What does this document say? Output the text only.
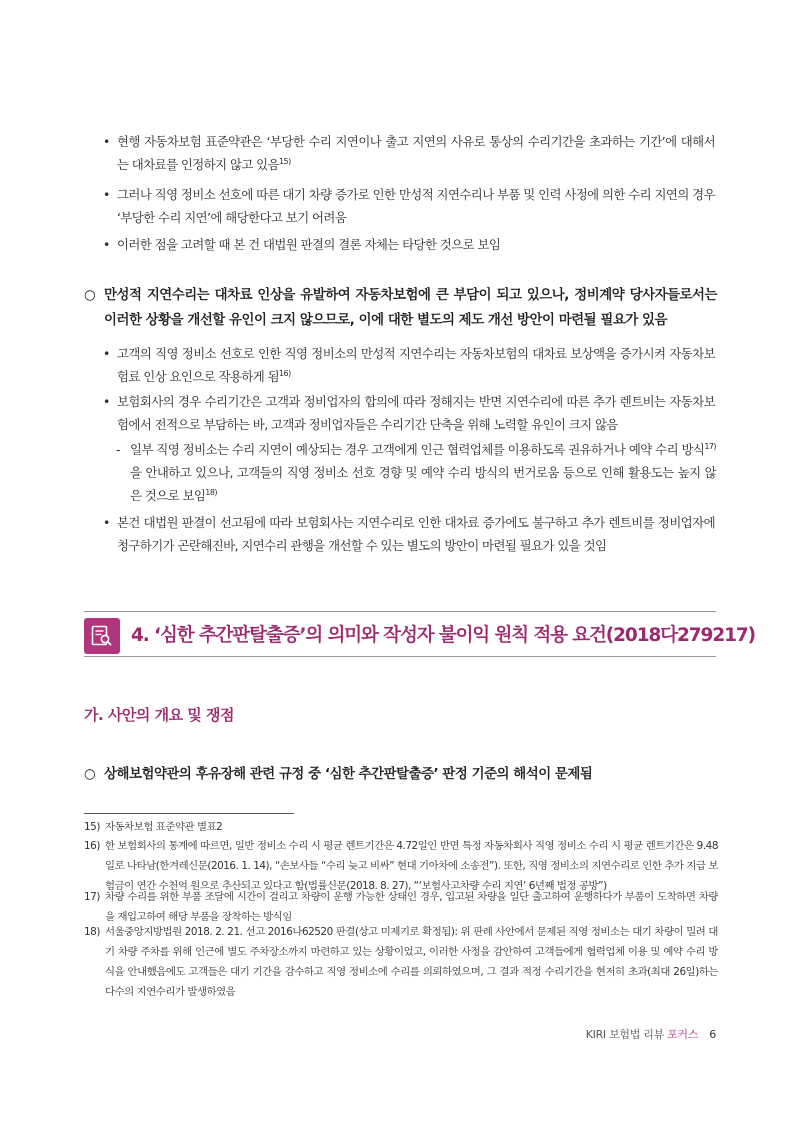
• 현행 자동차보험 표준약관은 ‘부당한 수리 지연이나 출고 지연의 사유로 통상의 수리기간을 초과하는 기간’에 대해서는 대차료를 인정하지 않고 있음$^{15)}$
• 그러나 직영 정비소 선호에 따른 대기 차량 증가로 인한 만성적 지연수리나 부품 및 인력 사정에 의한 수리 지연의 경우 ‘부당한 수리 지연’에 해당한다고 보기 어려움
• 이러한 점을 고려할 때 본 건 대법원 판결의 결론 자체는 타당한 것으로 보임
○ 만성적 지연수리는 대차료 인상을 유발하여 자동차보험에 큰 부담이 되고 있으나, 정비계약 당사자들로서는 이러한 상황을 개선할 유인이 크지 않으므로, 이에 대한 별도의 제도 개선 방안이 마련될 필요가 있음
• 고객의 직영 정비소 선호로 인한 직영 정비소의 만성적 지연수리는 자동차보험의 대차료 보상액을 증가시켜 자동차보험료 인상 요인으로 작용하게 됨$^{16)}$
• 보험회사의 경우 수리기간은 고객과 정비업자의 합의에 따라 정해지는 반면 지연수리에 따른 추가 렌트비는 자동차보험에서 전적으로 부담하는 바, 고객과 정비업자들은 수리기간 단축을 위해 노력할 유인이 크지 않음
- 일부 직영 정비소는 수리 지연이 예상되는 경우 고객에게 인근 협력업체를 이용하도록 권유하거나 예약 수리 방식$^{17)}$을 안내하고 있으나, 고객들의 직영 정비소 선호 경향 및 예약 수리 방식의 번거로움 등으로 인해 활용도는 높지 않은 것으로 보임$^{18)}$
• 본건 대법원 판결이 선고됨에 따라 보험회사는 지연수리로 인한 대차료 증가에도 불구하고 추가 렌트비를 정비업자에 청구하기가 곤란해진바, 지연수리 관행을 개선할 수 있는 별도의 방안이 마련될 필요가 있을 것임
4. ‘심한 추간판탈출증’의 의미와 작성자 불이익 원칙 적용 요건(2018다279217)
가. 사안의 개요 및 쟁점
○ 상해보험약관의 후유장해 관련 규정 중 ‘심한 추간판탈출증’ 판정 기준의 해석이 문제됨
15) 자동차보험 표준약관 별표2
16) 한 보험회사의 통계에 따르면, 일반 정비소 수리 시 평균 렌트기간은 4.72일인 반면 특정 자동차회사 직영 정비소 수리 시 평균 렌트기간은 9.48일로 나타남(한겨레신문(2016. 1. 14), “손보사들 “수리 늦고 비싸” 현대 기아차에 소송전”). 또한, 직영 정비소의 지연수리로 인한 추가 지급 보험금이 연간 수천억 원으로 추산되고 있다고 함(법률신문(2018. 8. 27), “‘보험사고차량 수리 지연’ 6년째 법정 공방”)
17) 차량 수리를 위한 부품 조달에 시간이 걸리고 차량이 운행 가능한 상태인 경우, 입고된 차량을 일단 출고하여 운행하다가 부품이 도착하면 차량을 재입고하여 해당 부품을 장착하는 방식임
18) 서울중앙지방법원 2018. 2. 21. 선고 2016나62520 판결(상고 미제기로 확정됨): 위 판례 사안에서 문제된 직영 정비소는 대기 차량이 밀려 대기 차량 주차를 위해 인근에 별도 주차장소까지 마련하고 있는 상황이었고, 이러한 사정을 감안하여 고객들에게 협력업체 이용 및 예약 수리 방식을 안내했음에도 고객들은 대기 기간을 감수하고 직영 정비소에 수리를 의뢰하였으며, 그 결과 적정 수리기간을 현저히 초과(최대 26일)하는 다수의 지연수리가 발생하였음
KIRI 보험법 리뷰 포커스 6
